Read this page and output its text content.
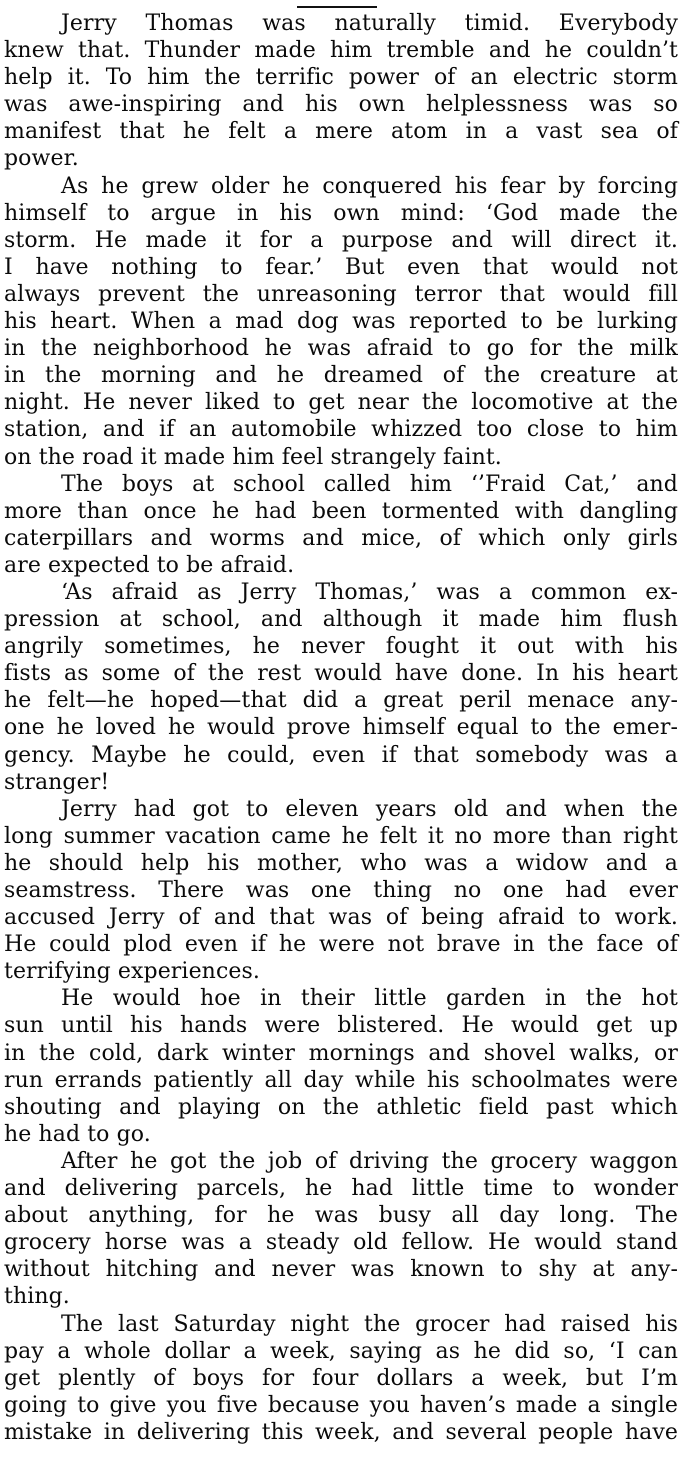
Jerry Thomas was naturally timid. Everybody
knew that. Thunder made him tremble and he couldn’t
help it. To him the terrific power of an electric storm
was awe-inspiring and his own helplessness was so
manifest that he felt a mere atom in a vast sea of
power.

As he grew older he conquered his fear by forcing
himself to argue in his own mind: ‘God made the
storm. He made it for a purpose and will direct it.
I have nothing to fear.’ But even that would not
always prevent the unreasoning terror that would fill
his heart. When a mad dog was reported to be lurking
in the neighborhood he was afraid to go for the milk
in the morning and he dreamed of the creature at
night. He never liked to get near the locomotive at the
station, and if an automobile whizzed too close to him
on the road it made him feel strangely faint.

The boys at school called him ‘’Fraid Cat,’ and
more than once he had been tormented with dangling
caterpillars and worms and mice, of which only girls
are expected to be afraid.

‘As afraid as Jerry Thomas,’ was a common ex-
pression at school, and although it made him flush
angrily sometimes, he never fought it out with his
fists as some of the rest would have done. In his heart
he felt—he hoped—that did a great peril menace any-
one he loved he would prove himself equal to the emer-
gency. Maybe he could, even if that somebody was a
stranger!

Jerry had got to eleven years old and when the
long summer vacation came he felt it no more than right
he should help his mother, who was a widow and a
seamstress. There was one thing no one had ever
accused Jerry of and that was of being afraid to work.
He could plod even if he were not brave in the face of
terrifying experiences.

He would hoe in their little garden in the hot
sun until his hands were blistered. He would get up
in the cold, dark winter mornings and shovel walks, or
run errands patiently all day while his schoolmates were
shouting and playing on the athletic field past which
he had to go.

After he got the job of driving the grocery waggon
and delivering parcels, he had little time to wonder
about anything, for he was busy all day long. The
grocery horse was a steady old fellow. He would stand
without hitching and never was known to shy at any-
thing.

The last Saturday night the grocer had raised his
pay a whole dollar a week, saying as he did so, ‘I can
get plently of boys for four dollars a week, but I’m
going to give you five because you haven’s made a single
mistake in delivering this week, and several people have
